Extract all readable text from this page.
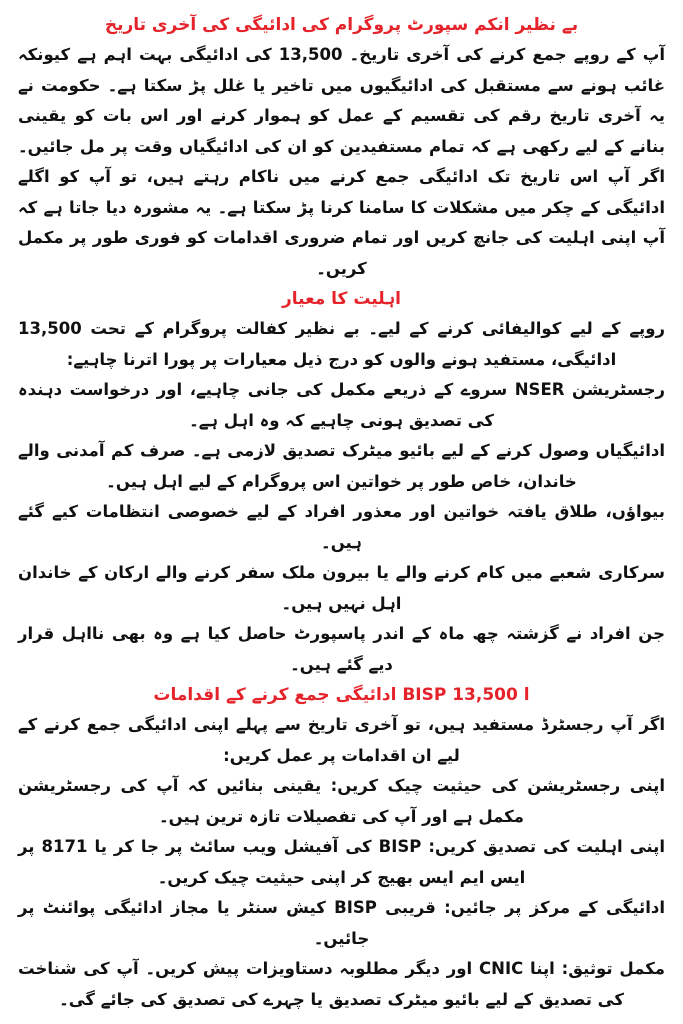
بے نظیر انکم سپورٹ پروگرام کی ادائیگی کی آخری تاریخ

آپ کے روپے جمع کرنے کی آخری تاریخ۔ 13,500 کی ادائیگی بہت اہم ہے کیونکہ غائب ہونے سے مستقبل کی ادائیگیوں میں تاخیر یا غلل پڑ سکتا ہے۔ حکومت نے یہ آخری تاریخ رقم کی تقسیم کے عمل کو ہموار کرنے اور اس بات کو یقینی بنانے کے لیے رکھی ہے کہ تمام مستفیدین کو ان کی ادائیگیاں وقت پر مل جائیں۔ اگر آپ اس تاریخ تک ادائیگی جمع کرنے میں ناکام رہتے ہیں، تو آپ کو اگلے ادائیگی کے چکر میں مشکلات کا سامنا کرنا پڑ سکتا ہے۔ یہ مشورہ دیا جاتا ہے کہ آپ اپنی اہلیت کی جانچ کریں اور تمام ضروری اقدامات کو فوری طور پر مکمل کریں۔

اہلیت کا معیار

روپے کے لیے کوالیفائی کرنے کے لیے۔ بے نظیر کفالت پروگرام کے تحت 13,500 ادائیگی، مستفید ہونے والوں کو درج ذیل معیارات پر پورا اترنا چاہیے:

رجسٹریشن NSER سروے کے ذریعے مکمل کی جانی چاہیے، اور درخواست دہندہ کی تصدیق ہونی چاہیے کہ وہ اہل ہے۔
ادائیگیاں وصول کرنے کے لیے بائیو میٹرک تصدیق لازمی ہے۔ صرف کم آمدنی والے خاندان، خاص طور پر خواتین اس پروگرام کے لیے اہل ہیں۔
بیواؤں، طلاق یافتہ خواتین اور معذور افراد کے لیے خصوصی انتظامات کیے گئے ہیں۔
سرکاری شعبے میں کام کرنے والے یا بیرون ملک سفر کرنے والے ارکان کے خاندان اہل نہیں ہیں۔
جن افراد نے گزشتہ چھ ماہ کے اندر پاسپورٹ حاصل کیا ہے وہ بھی نااہل قرار دیے گئے ہیں۔
ا BISP 13,500 ادائیگی جمع کرنے کے اقدامات

اگر آپ رجسٹرڈ مستفید ہیں، تو آخری تاریخ سے پہلے اپنی ادائیگی جمع کرنے کے لیے ان اقدامات پر عمل کریں:

اپنی رجسٹریشن کی حیثیت چیک کریں: یقینی بنائیں کہ آپ کی رجسٹریشن مکمل ہے اور آپ کی تفصیلات تازہ ترین ہیں۔
اپنی اہلیت کی تصدیق کریں: BISP کی آفیشل ویب سائٹ پر جا کر یا 8171 پر ایس ایم ایس بھیج کر اپنی حیثیت چیک کریں۔
ادائیگی کے مرکز پر جائیں: قریبی BISP کیش سنٹر یا مجاز ادائیگی پوائنٹ پر جائیں۔
مکمل توثیق: اپنا CNIC اور دیگر مطلوبہ دستاویزات پیش کریں۔ آپ کی شناخت کی تصدیق کے لیے بائیو میٹرک تصدیق یا چہرے کی تصدیق کی جائے گی۔
